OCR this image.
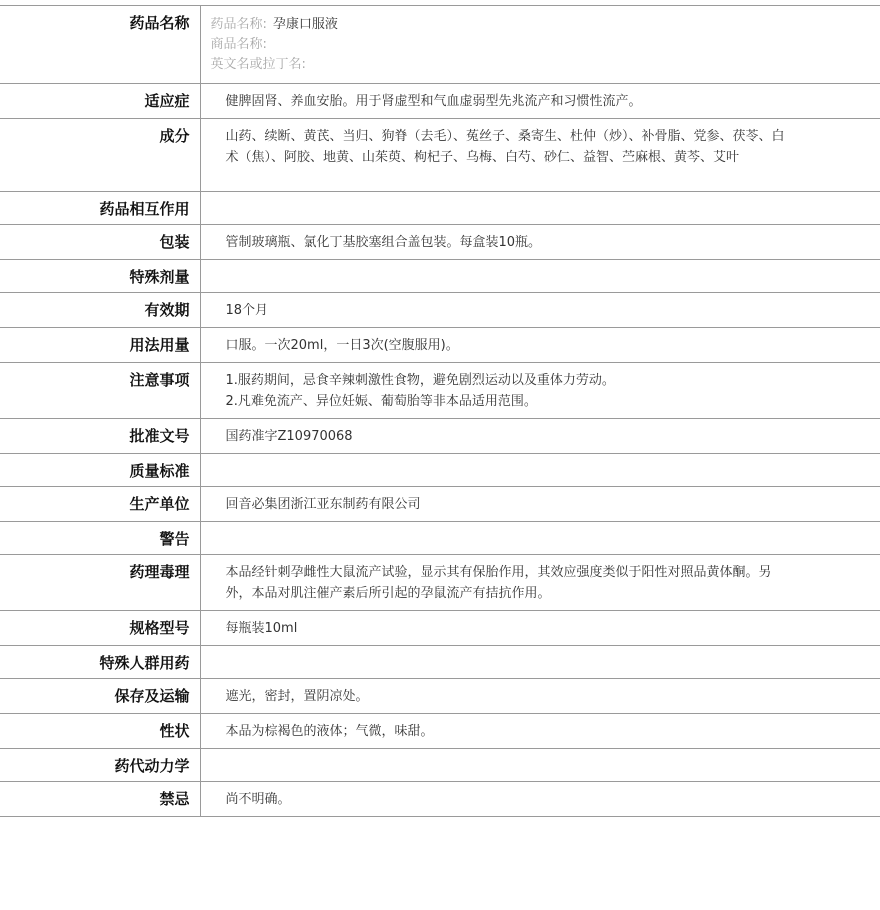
药品名称	药品名称: 孕康口服液
商品名称:
英文名或拉丁名:

适应症	健脾固肾、养血安胎。用于肾虚型和气血虚弱型先兆流产和习惯性流产。
成分	山药、续断、黄芪、当归、狗脊（去毛）、菟丝子、桑寄生、杜仲（炒）、补骨脂、党参、茯苓、白术（焦）、阿胶、地黄、山茱萸、枸杞子、乌梅、白芍、砂仁、益智、苎麻根、黄芩、艾叶
药品相互作用	
包装	管制玻璃瓶、氯化丁基胶塞组合盖包装。每盒装10瓶。
特殊剂量	
有效期	18个月
用法用量	口服。一次20ml，一日3次(空腹服用)。
注意事项	1.服药期间，忌食辛辣刺激性食物，避免剧烈运动以及重体力劳动。
2.凡难免流产、异位妊娠、葡萄胎等非本品适用范围。

批准文号	国药准字Z10970068
质量标准	
生产单位	回音必集团浙江亚东制药有限公司
警告	
药理毒理	本品经针刺孕雌性大鼠流产试验，显示其有保胎作用，其效应强度类似于阳性对照品黄体酮。另外，本品对肌注催产素后所引起的孕鼠流产有拮抗作用。
规格型号	每瓶装10ml
特殊人群用药	
保存及运输	遮光，密封，置阴凉处。
性状	本品为棕褐色的液体；气微，味甜。
药代动力学	
禁忌	尚不明确。
